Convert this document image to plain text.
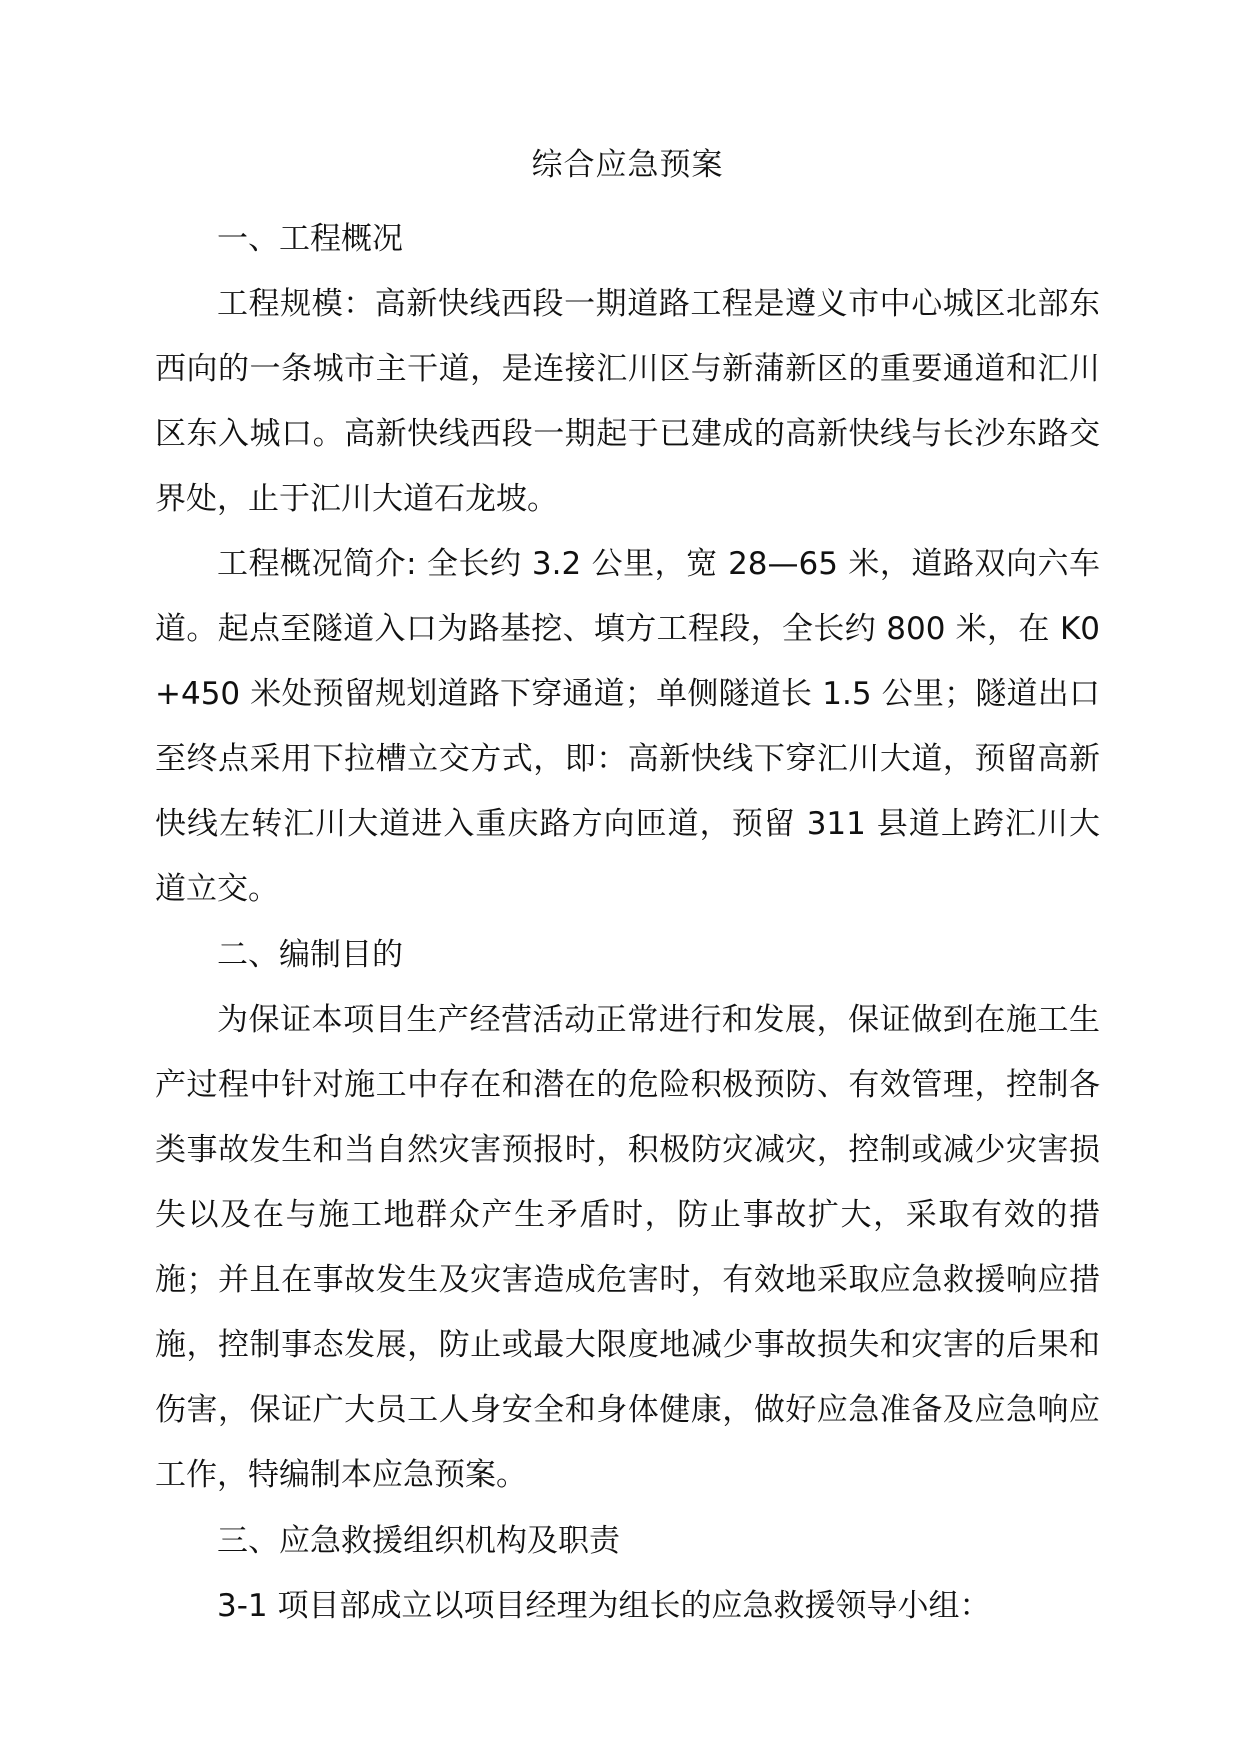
综合应急预案

一、工程概况

工程规模：高新快线西段一期道路工程是遵义市中心城区北部东西向的一条城市主干道，是连接汇川区与新蒲新区的重要通道和汇川区东入城口。高新快线西段一期起于已建成的高新快线与长沙东路交界处，止于汇川大道石龙坡。

工程概况简介: 全长约 3.2 公里，宽 28—65 米，道路双向六车道。起点至隧道入口为路基挖、填方工程段，全长约 800 米，在 K0+450 米处预留规划道路下穿通道；单侧隧道长 1.5 公里；隧道出口至终点采用下拉槽立交方式，即：高新快线下穿汇川大道，预留高新快线左转汇川大道进入重庆路方向匝道，预留 311 县道上跨汇川大道立交。

二、编制目的

为保证本项目生产经营活动正常进行和发展，保证做到在施工生产过程中针对施工中存在和潜在的危险积极预防、有效管理，控制各类事故发生和当自然灾害预报时，积极防灾减灾，控制或减少灾害损失以及在与施工地群众产生矛盾时，防止事故扩大，采取有效的措施；并且在事故发生及灾害造成危害时，有效地采取应急救援响应措施，控制事态发展，防止或最大限度地减少事故损失和灾害的后果和伤害，保证广大员工人身安全和身体健康，做好应急准备及应急响应工作，特编制本应急预案。

三、应急救援组织机构及职责

3-1 项目部成立以项目经理为组长的应急救援领导小组：
